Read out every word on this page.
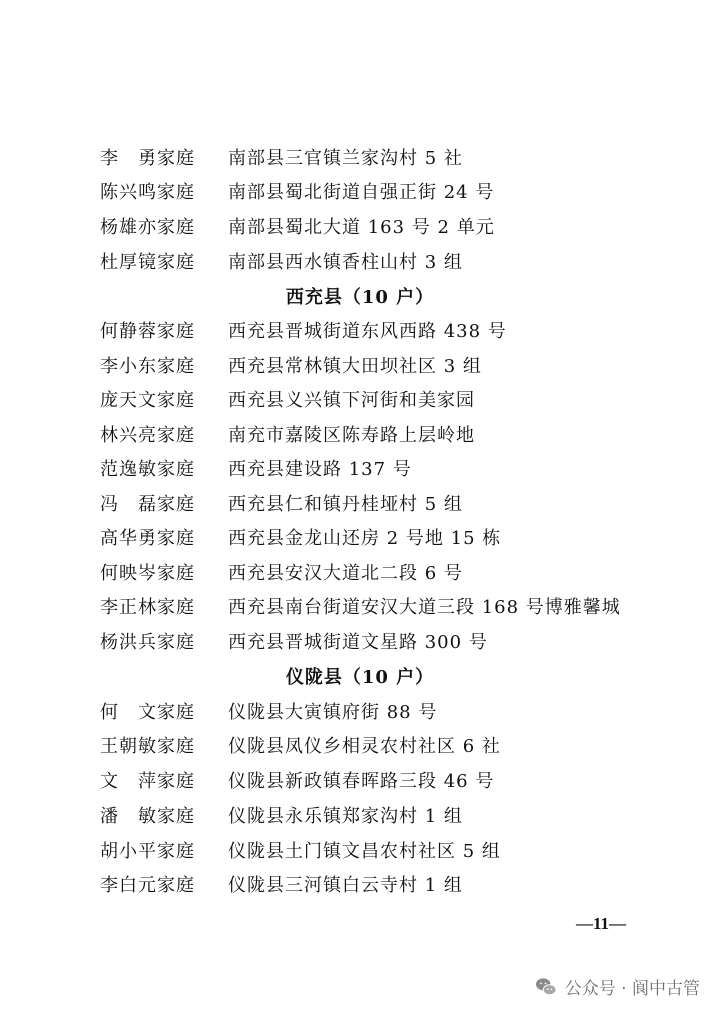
李　勇家庭 南部县三官镇兰家沟村 5 社
陈兴鸣家庭 南部县蜀北街道自强正街 24 号
杨雄亦家庭 南部县蜀北大道 163 号 2 单元
杜厚镜家庭 南部县西水镇香柱山村 3 组
西充县（10 户）
何静蓉家庭 西充县晋城街道东风西路 438 号
李小东家庭 西充县常林镇大田坝社区 3 组
庞天文家庭 西充县义兴镇下河街和美家园
林兴亮家庭 南充市嘉陵区陈寿路上层岭地
范逸敏家庭 西充县建设路 137 号
冯　磊家庭 西充县仁和镇丹桂垭村 5 组
高华勇家庭 西充县金龙山还房 2 号地 15 栋
何映岑家庭 西充县安汉大道北二段 6 号
李正林家庭 西充县南台街道安汉大道三段 168 号博雅馨城
杨洪兵家庭 西充县晋城街道文星路 300 号
仪陇县（10 户）
何　文家庭 仪陇县大寅镇府街 88 号
王朝敏家庭 仪陇县凤仪乡相灵农村社区 6 社
文　萍家庭 仪陇县新政镇春晖路三段 46 号
潘　敏家庭 仪陇县永乐镇郑家沟村 1 组
胡小平家庭 仪陇县土门镇文昌农村社区 5 组
李白元家庭 仪陇县三河镇白云寺村 1 组
—11—
公众号 · 阆中古管
